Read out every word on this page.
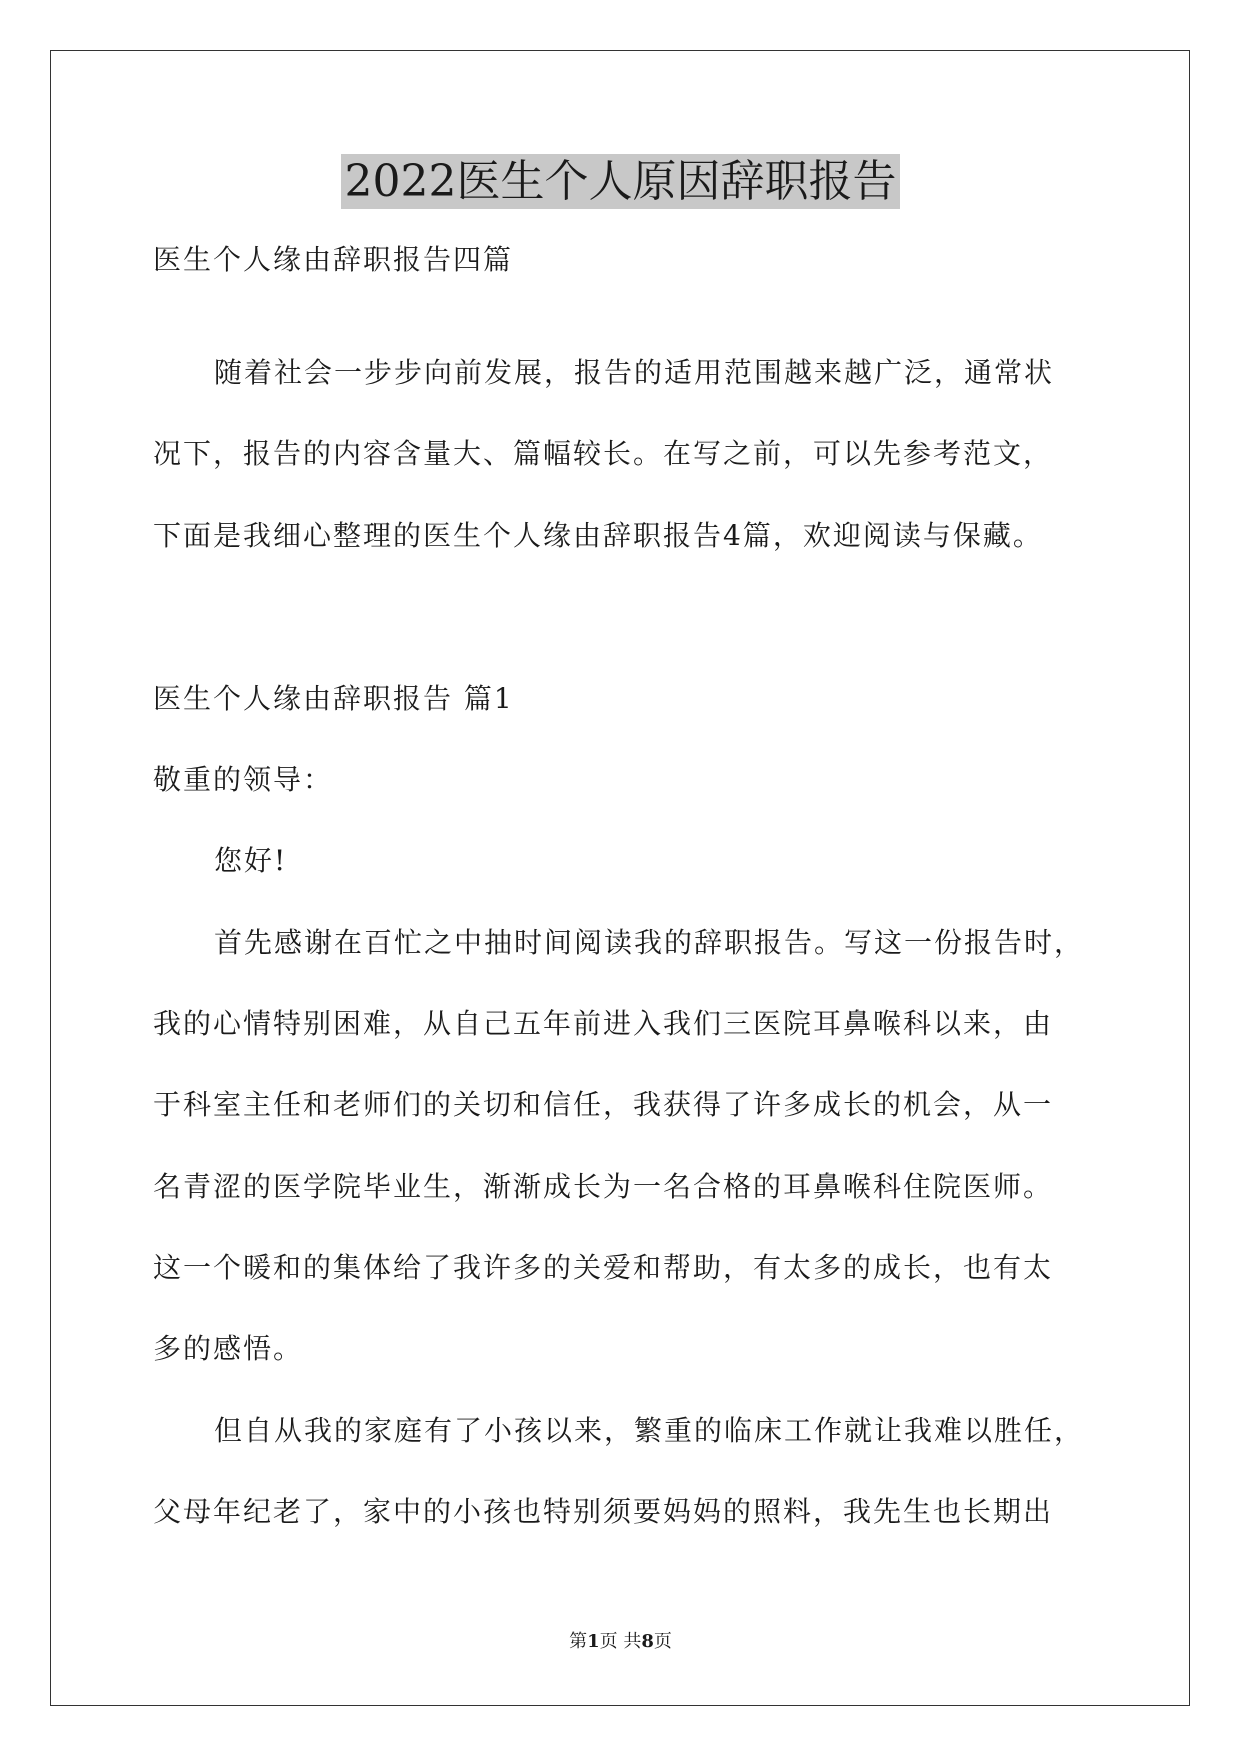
2022医生个人原因辞职报告
医生个人缘由辞职报告四篇
随着社会一步步向前发展，报告的适用范围越来越广泛，通常状
况下，报告的内容含量大、篇幅较长。在写之前，可以先参考范文，
下面是我细心整理的医生个人缘由辞职报告4篇，欢迎阅读与保藏。
医生个人缘由辞职报告 篇1
敬重的领导：
您好!
首先感谢在百忙之中抽时间阅读我的辞职报告。写这一份报告时，
我的心情特别困难，从自己五年前进入我们三医院耳鼻喉科以来，由
于科室主任和老师们的关切和信任，我获得了许多成长的机会，从一
名青涩的医学院毕业生，渐渐成长为一名合格的耳鼻喉科住院医师。
这一个暖和的集体给了我许多的关爱和帮助，有太多的成长，也有太
多的感悟。
但自从我的家庭有了小孩以来，繁重的临床工作就让我难以胜任，
父母年纪老了，家中的小孩也特别须要妈妈的照料，我先生也长期出
第1页 共8页
